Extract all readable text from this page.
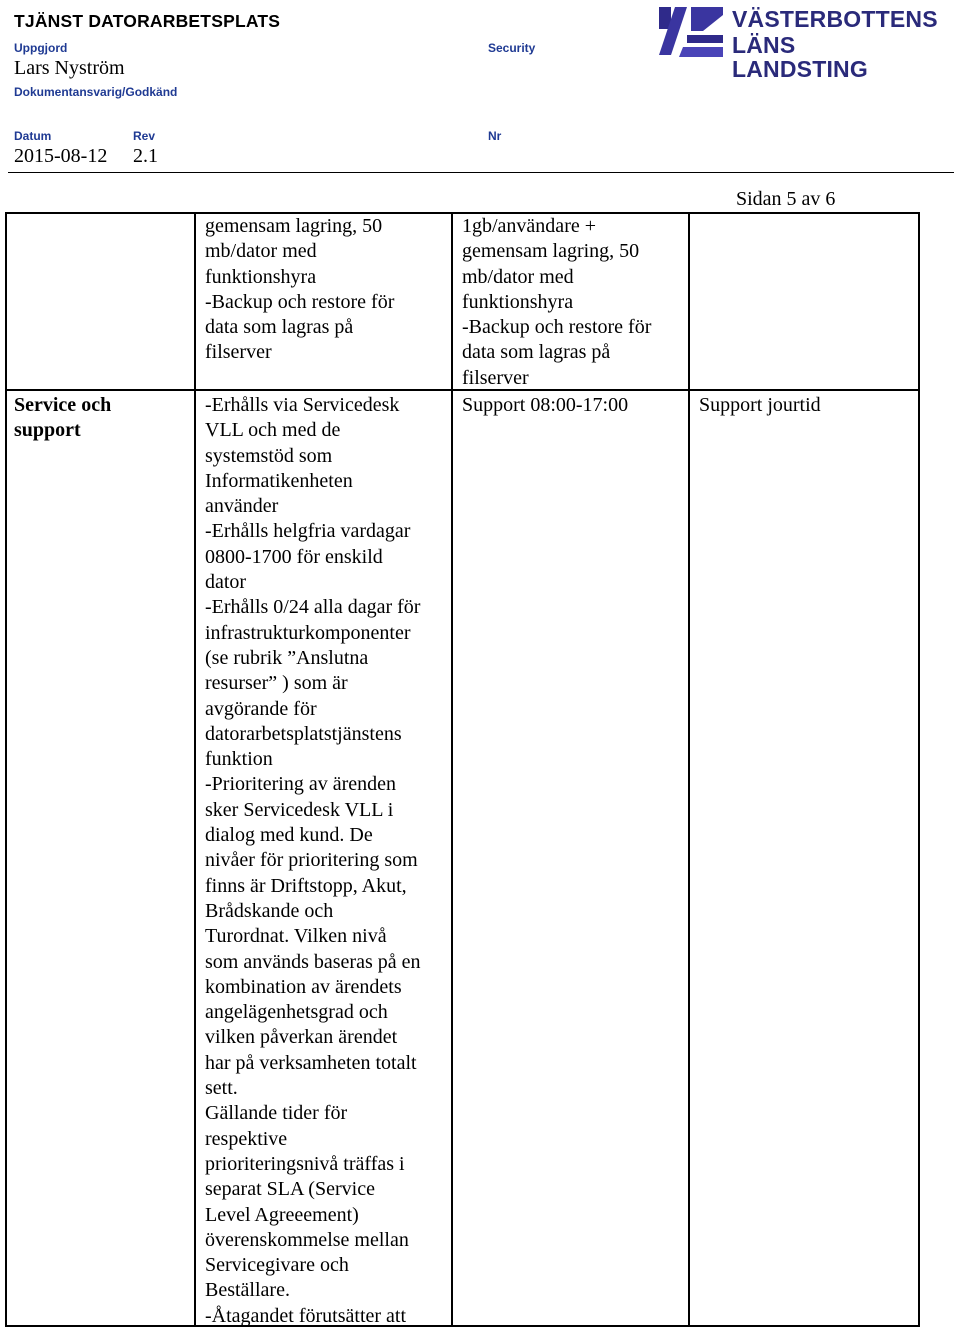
TJÄNST DATORARBETSPLATS
Uppgjord
Lars Nyström
Dokumentansvarig/Godkänd
Datum
2015-08-12
Rev
2.1
Security
Nr
VÄSTERBOTTENS
LÄNS LANDSTING
Sidan 5 av 6
gemensam lagring, 50
mb/dator med
funktionshyra
-Backup och restore för
data som lagras på
filserver
1gb/användare +
gemensam lagring, 50
mb/dator med
funktionshyra
-Backup och restore för
data som lagras på
filserver
Service och
support
-Erhålls via Servicedesk
VLL och med de
systemstöd som
Informatikenheten
använder
-Erhålls helgfria vardagar
0800-1700 för enskild
dator
-Erhålls 0/24 alla dagar för
infrastrukturkomponenter
(se rubrik ”Anslutna
resurser” ) som är
avgörande för
datorarbetsplatstjänstens
funktion
-Prioritering av ärenden
sker Servicedesk VLL i
dialog med kund. De
nivåer för prioritering som
finns är Driftstopp, Akut,
Brådskande och
Turordnat. Vilken nivå
som används baseras på en
kombination av ärendets
angelägenhetsgrad och
vilken påverkan ärendet
har på verksamheten totalt
sett.
Gällande tider för
respektive
prioriteringsnivå träffas i
separat SLA (Service
Level Agreeement)
överenskommelse mellan
Servicegivare och
Beställare.
-Åtagandet förutsätter att
Support 08:00-17:00	Support jourtid
